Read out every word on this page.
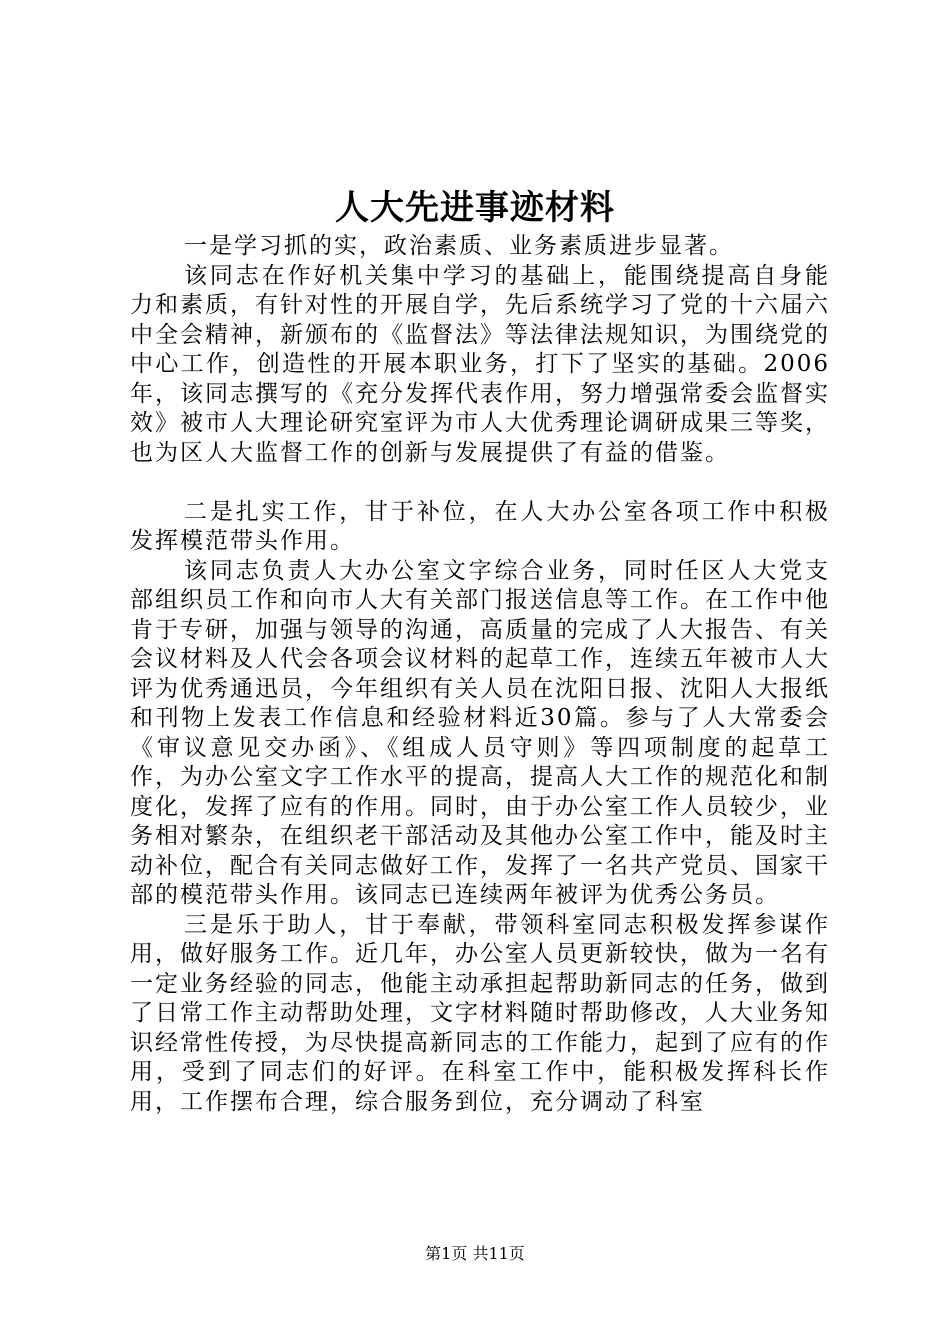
人大先进事迹材料

一是学习抓的实，政治素质、业务素质进步显著。

该同志在作好机关集中学习的基础上，能围绕提高自身能力和素质，有针对性的开展自学，先后系统学习了党的十六届六中全会精神，新颁布的《监督法》等法律法规知识，为围绕党的中心工作，创造性的开展本职业务，打下了坚实的基础。2006年，该同志撰写的《充分发挥代表作用，努力增强常委会监督实效》被市人大理论研究室评为市人大优秀理论调研成果三等奖，也为区人大监督工作的创新与发展提供了有益的借鉴。

二是扎实工作，甘于补位，在人大办公室各项工作中积极发挥模范带头作用。

该同志负责人大办公室文字综合业务，同时任区人大党支部组织员工作和向市人大有关部门报送信息等工作。在工作中他肯于专研，加强与领导的沟通，高质量的完成了人大报告、有关会议材料及人代会各项会议材料的起草工作，连续五年被市人大评为优秀通迅员，今年组织有关人员在沈阳日报、沈阳人大报纸和刊物上发表工作信息和经验材料近30篇。参与了人大常委会《审议意见交办函》、《组成人员守则》等四项制度的起草工作，为办公室文字工作水平的提高，提高人大工作的规范化和制度化，发挥了应有的作用。同时，由于办公室工作人员较少，业务相对繁杂，在组织老干部活动及其他办公室工作中，能及时主动补位，配合有关同志做好工作，发挥了一名共产党员、国家干部的模范带头作用。该同志已连续两年被评为优秀公务员。

三是乐于助人，甘于奉献，带领科室同志积极发挥参谋作用，做好服务工作。近几年，办公室人员更新较快，做为一名有一定业务经验的同志，他能主动承担起帮助新同志的任务，做到了日常工作主动帮助处理，文字材料随时帮助修改，人大业务知识经常性传授，为尽快提高新同志的工作能力，起到了应有的作用，受到了同志们的好评。在科室工作中，能积极发挥科长作用，工作摆布合理，综合服务到位，充分调动了科室

第1页 共11页
